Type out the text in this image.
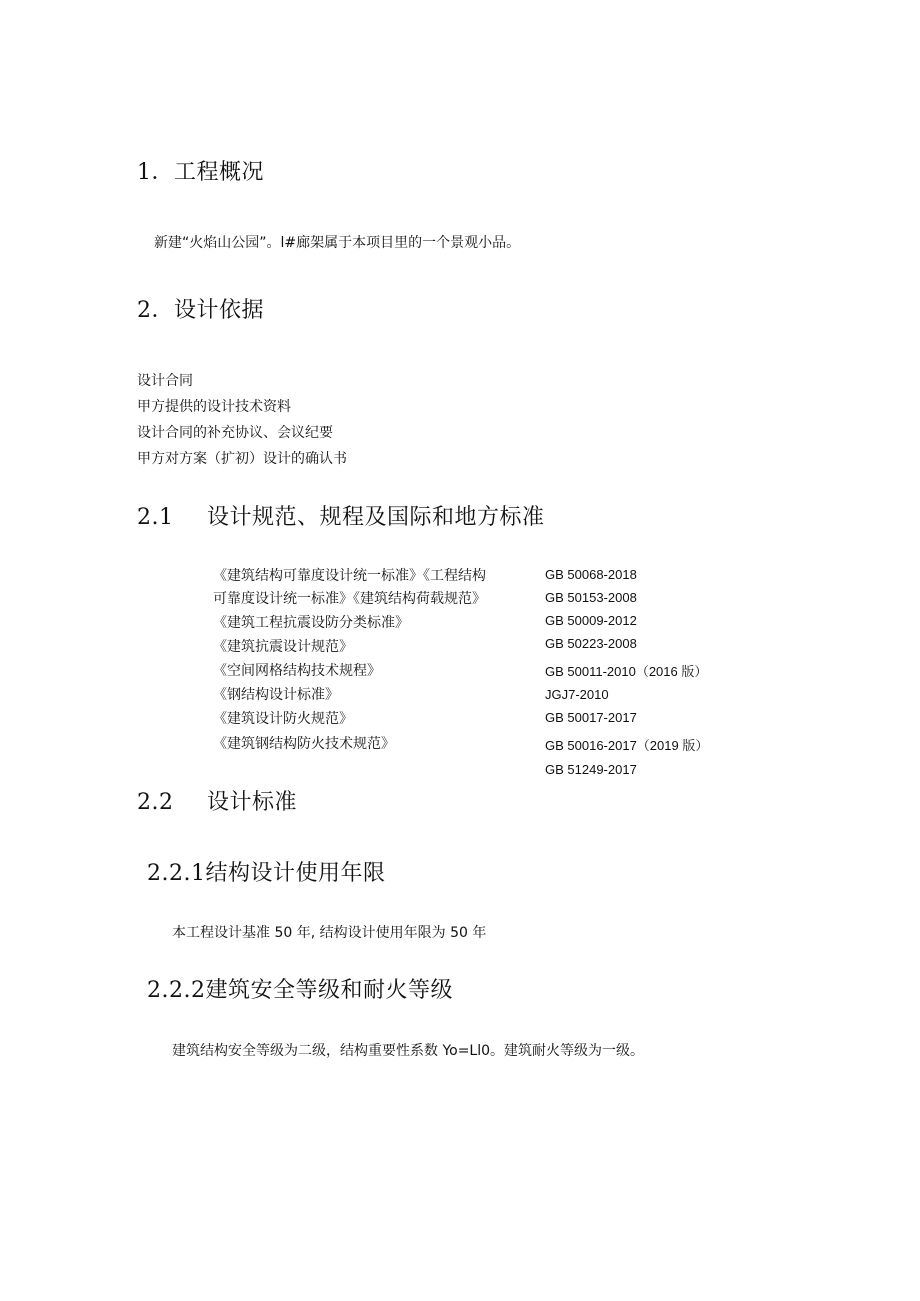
1．工程概况
新建“火焰山公园”。l#廊架属于本项目里的一个景观小品。
2．设计依据
设计合同
甲方提供的设计技术资料
设计合同的补充协议、会议纪要
甲方对方案（扩初）设计的确认书
2.1 设计规范、规程及国际和地方标准
《建筑结构可靠度设计统一标准》《工程结构
可靠度设计统一标准》《建筑结构荷载规范》
《建筑工程抗震设防分类标准》
《建筑抗震设计规范》
《空间网格结构技术规程》
《钢结构设计标准》
《建筑设计防火规范》
《建筑钢结构防火技术规范》
GB 50068-2018
GB 50153-2008
GB 50009-2012
GB 50223-2008
GB 50011-2010（2016 版）
JGJ7-2010
GB 50017-2017
GB 50016-2017（2019 版）
GB 51249-2017
2.2 设计标准
2.2.1结构设计使用年限
本工程设计基准 50 年, 结构设计使用年限为 50 年
2.2.2建筑安全等级和耐火等级
建筑结构安全等级为二级，结构重要性系数 Yo=Ll0。建筑耐火等级为一级。
